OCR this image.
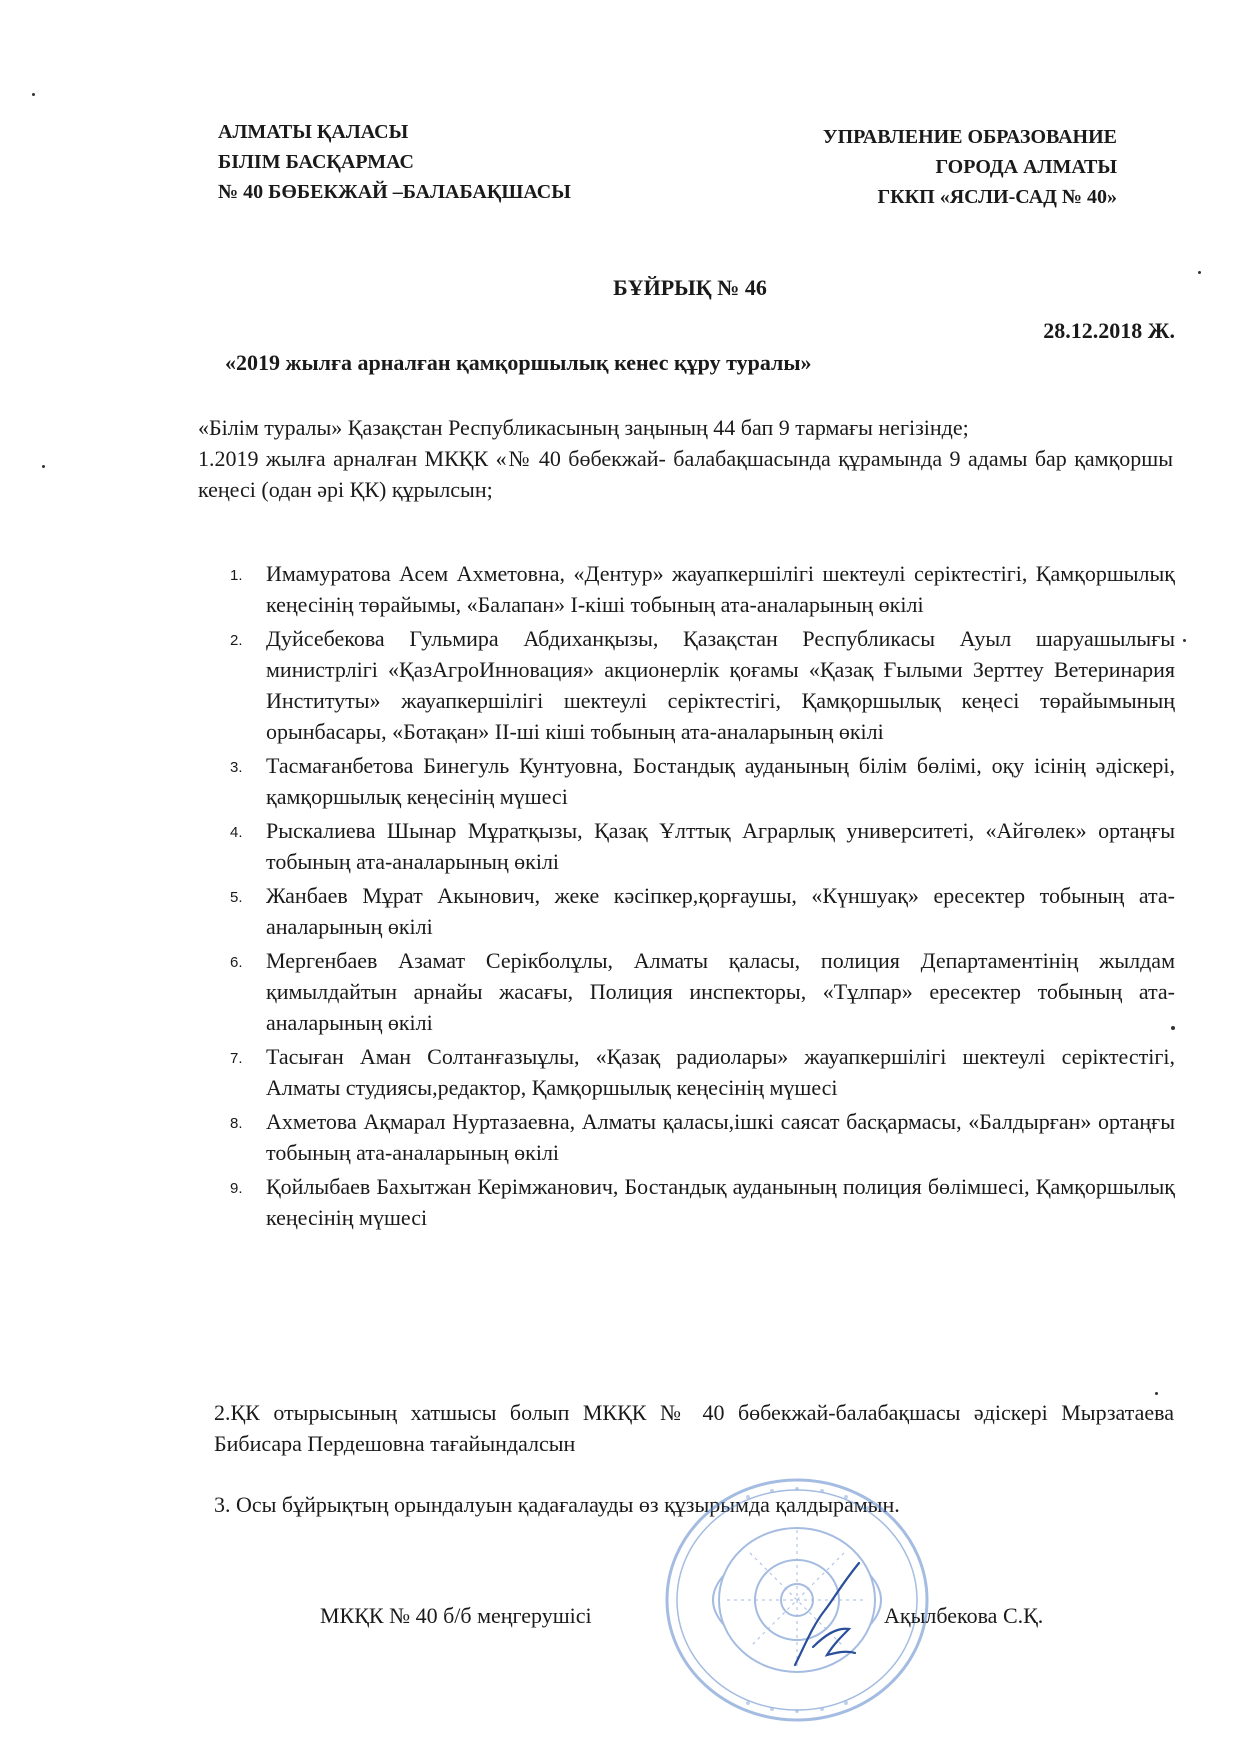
АЛМАТЫ ҚАЛАСЫ
БІЛІМ БАСҚАРМАС
№ 40 БӨБЕКЖАЙ –БАЛАБАҚШАСЫ
УПРАВЛЕНИЕ ОБРАЗОВАНИЕ
ГОРОДА АЛМАТЫ
ГККП «ЯСЛИ-САД № 40»
БҰЙРЫҚ № 46
28.12.2018 Ж.
«2019 жылға арналған қамқоршылық кенес құру туралы»
«Білім туралы» Қазақстан Республикасының заңының 44 бап 9 тармағы негізінде;
1.2019 жылға арналған МКҚК «№ 40 бөбекжай- балабақшасында құрамында 9 адамы бар қамқоршы кеңесі (одан әрі ҚК) құрылсын;
1. Имамуратова Асем Ахметовна, «Дентур» жауапкершілігі шектеулі серіктестігі, Қамқоршылық кеңесінің төрайымы, «Балапан» І-кіші тобының ата-аналарының өкілі
2. Дуйсебекова Гульмира Абдиханқызы, Қазақстан Республикасы Ауыл шаруашылығы министрлігі «ҚазАгроИнновация» акционерлік қоғамы «Қазақ Ғылыми Зерттеу Ветеринария Институты» жауапкершілігі шектеулі серіктестігі, Қамқоршылық кеңесі төрайымының орынбасары, «Ботақан» ІІ-ші кіші тобының ата-аналарының өкілі
3. Тасмағанбетова Бинегуль Кунтуовна, Бостандық ауданының білім бөлімі, оқу ісінің әдіскері, қамқоршылық кеңесінің мүшесі
4. Рыскалиева Шынар Мұратқызы, Қазақ Ұлттық Аграрлық университеті, «Айгөлек» ортаңғы тобының ата-аналарының өкілі
5. Жанбаев Мұрат Акынович, жеке кәсіпкер,қорғаушы, «Күншуақ» ересектер тобының ата-аналарының өкілі
6. Мергенбаев Азамат Серікболұлы, Алматы қаласы, полиция Департаментінің жылдам қимылдайтын арнайы жасағы, Полиция инспекторы, «Тұлпар» ересектер тобының ата-аналарының өкілі
7. Тасыған Аман Солтанғазыұлы, «Қазақ радиолары» жауапкершілігі шектеулі серіктестігі, Алматы студиясы,редактор, Қамқоршылық кеңесінің мүшесі
8. Ахметова Ақмарал Нуртазаевна, Алматы қаласы,ішкі саясат басқармасы, «Балдырған» ортаңғы тобының ата-аналарының өкілі
9. Қойлыбаев Бахытжан Керімжанович, Бостандық ауданының полиция бөлімшесі, Қамқоршылық кеңесінің мүшесі
2.ҚК отырысының хатшысы болып МКҚК № 40 бөбекжай-балабақшасы әдіскері Мырзатаева Бибисара Пердешовна тағайындалсын
3. Осы бұйрықтың орындалуын қадағалауды өз құзырымда қалдырамын.
МКҚК № 40 б/б меңгерушісі	Ақылбекова С.Қ.
